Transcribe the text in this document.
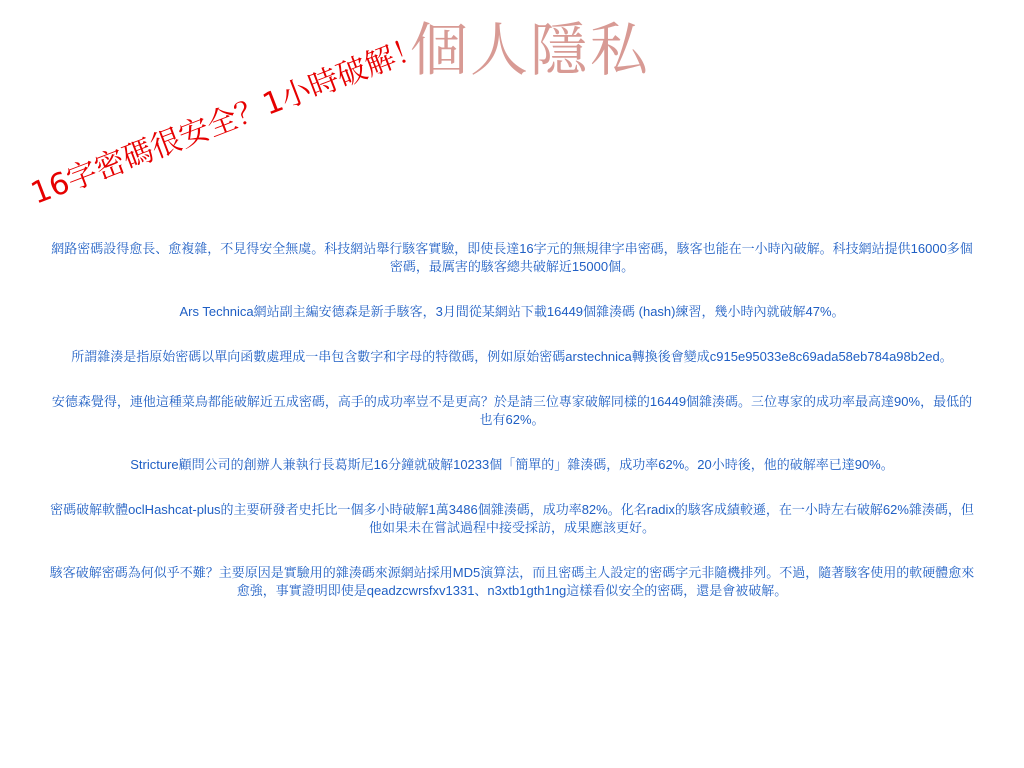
個人隱私

網路密碼設得愈長、愈複雜，不見得安全無虞。科技網站舉行駭客實驗，即使長達16字元的無規律字串密碼，駭客也能在一小時內破解。科技網站提供16000多個密碼，最厲害的駭客總共破解近15000個。

Ars Technica網站副主編安德森是新手駭客，3月間從某網站下載16449個雜湊碼 (hash)練習，幾小時內就破解47%。

所謂雜湊是指原始密碼以單向函數處理成一串包含數字和字母的特徵碼，例如原始密碼arstechnica轉換後會變成c915e95033e8c69ada58eb784a98b2ed。

安德森覺得，連他這種菜鳥都能破解近五成密碼，高手的成功率豈不是更高？於是請三位專家破解同樣的16449個雜湊碼。三位專家的成功率最高達90%，最低的也有62%。

Stricture顧問公司的創辦人兼執行長葛斯尼16分鐘就破解10233個「簡單的」雜湊碼，成功率62%。20小時後，他的破解率已達90%。

密碼破解軟體oclHashcat-plus的主要研發者史托比一個多小時破解1萬3486個雜湊碼，成功率82%。化名radix的駭客成績較遜，在一小時左右破解62%雜湊碼，但他如果未在嘗試過程中接受採訪，成果應該更好。

駭客破解密碼為何似乎不難？主要原因是實驗用的雜湊碼來源網站採用MD5演算法，而且密碼主人設定的密碼字元非隨機排列。不過，隨著駭客使用的軟硬體愈來愈強，事實證明即使是qeadzcwrsfxv1331、n3xtb1gth1ng這樣看似安全的密碼，還是會被破解。

16字密碼很安全？1小時破解！
